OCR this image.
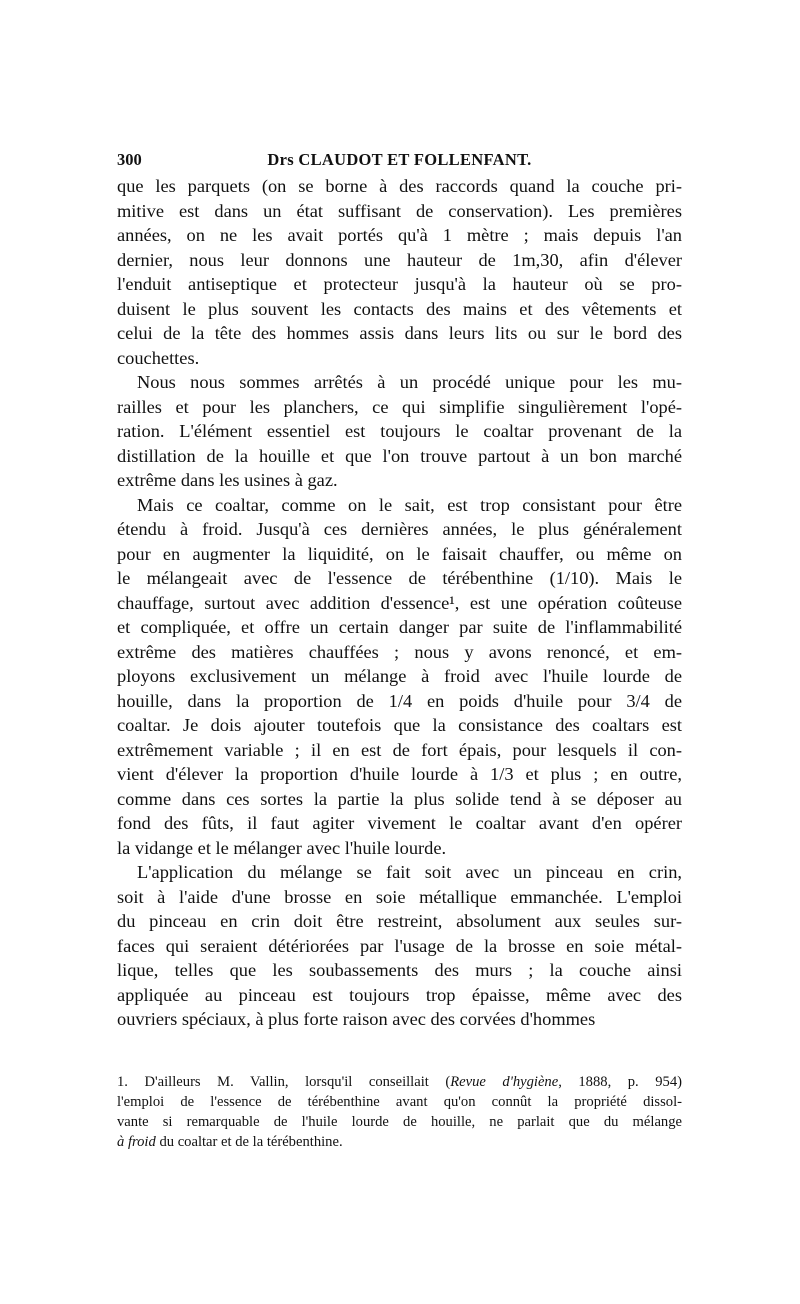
300	Drs CLAUDOT ET FOLLENFANT.
que les parquets (on se borne à des raccords quand la couche pri-
mitive est dans un état suffisant de conservation). Les premières
années, on ne les avait portés qu'à 1 mètre ; mais depuis l'an
dernier, nous leur donnons une hauteur de 1m,30, afin d'élever
l'enduit antiseptique et protecteur jusqu'à la hauteur où se pro-
duisent le plus souvent les contacts des mains et des vêtements et
celui de la tête des hommes assis dans leurs lits ou sur le bord des
couchettes.
Nous nous sommes arrêtés à un procédé unique pour les mu-
railles et pour les planchers, ce qui simplifie singulièrement l'opé-
ration. L'élément essentiel est toujours le coaltar provenant de la
distillation de la houille et que l'on trouve partout à un bon marché
extrême dans les usines à gaz.
Mais ce coaltar, comme on le sait, est trop consistant pour être
étendu à froid. Jusqu'à ces dernières années, le plus généralement
pour en augmenter la liquidité, on le faisait chauffer, ou même on
le mélangeait avec de l'essence de térébenthine (1/10). Mais le
chauffage, surtout avec addition d'essence¹, est une opération coûteuse
et compliquée, et offre un certain danger par suite de l'inflammabilité
extrême des matières chauffées ; nous y avons renoncé, et em-
ployons exclusivement un mélange à froid avec l'huile lourde de
houille, dans la proportion de 1/4 en poids d'huile pour 3/4 de
coaltar. Je dois ajouter toutefois que la consistance des coaltars est
extrêmement variable ; il en est de fort épais, pour lesquels il con-
vient d'élever la proportion d'huile lourde à 1/3 et plus ; en outre,
comme dans ces sortes la partie la plus solide tend à se déposer au
fond des fûts, il faut agiter vivement le coaltar avant d'en opérer
la vidange et le mélanger avec l'huile lourde.
L'application du mélange se fait soit avec un pinceau en crin,
soit à l'aide d'une brosse en soie métallique emmanchée. L'emploi
du pinceau en crin doit être restreint, absolument aux seules sur-
faces qui seraient détériorées par l'usage de la brosse en soie métal-
lique, telles que les soubassements des murs ; la couche ainsi
appliquée au pinceau est toujours trop épaisse, même avec des
ouvriers spéciaux, à plus forte raison avec des corvées d'hommes
1. D'ailleurs M. Vallin, lorsqu'il conseillait (Revue d'hygiène, 1888, p. 954)
l'emploi de l'essence de térébenthine avant qu'on connût la propriété dissol-
vante si remarquable de l'huile lourde de houille, ne parlait que du mélange
à froid du coaltar et de la térébenthine.
